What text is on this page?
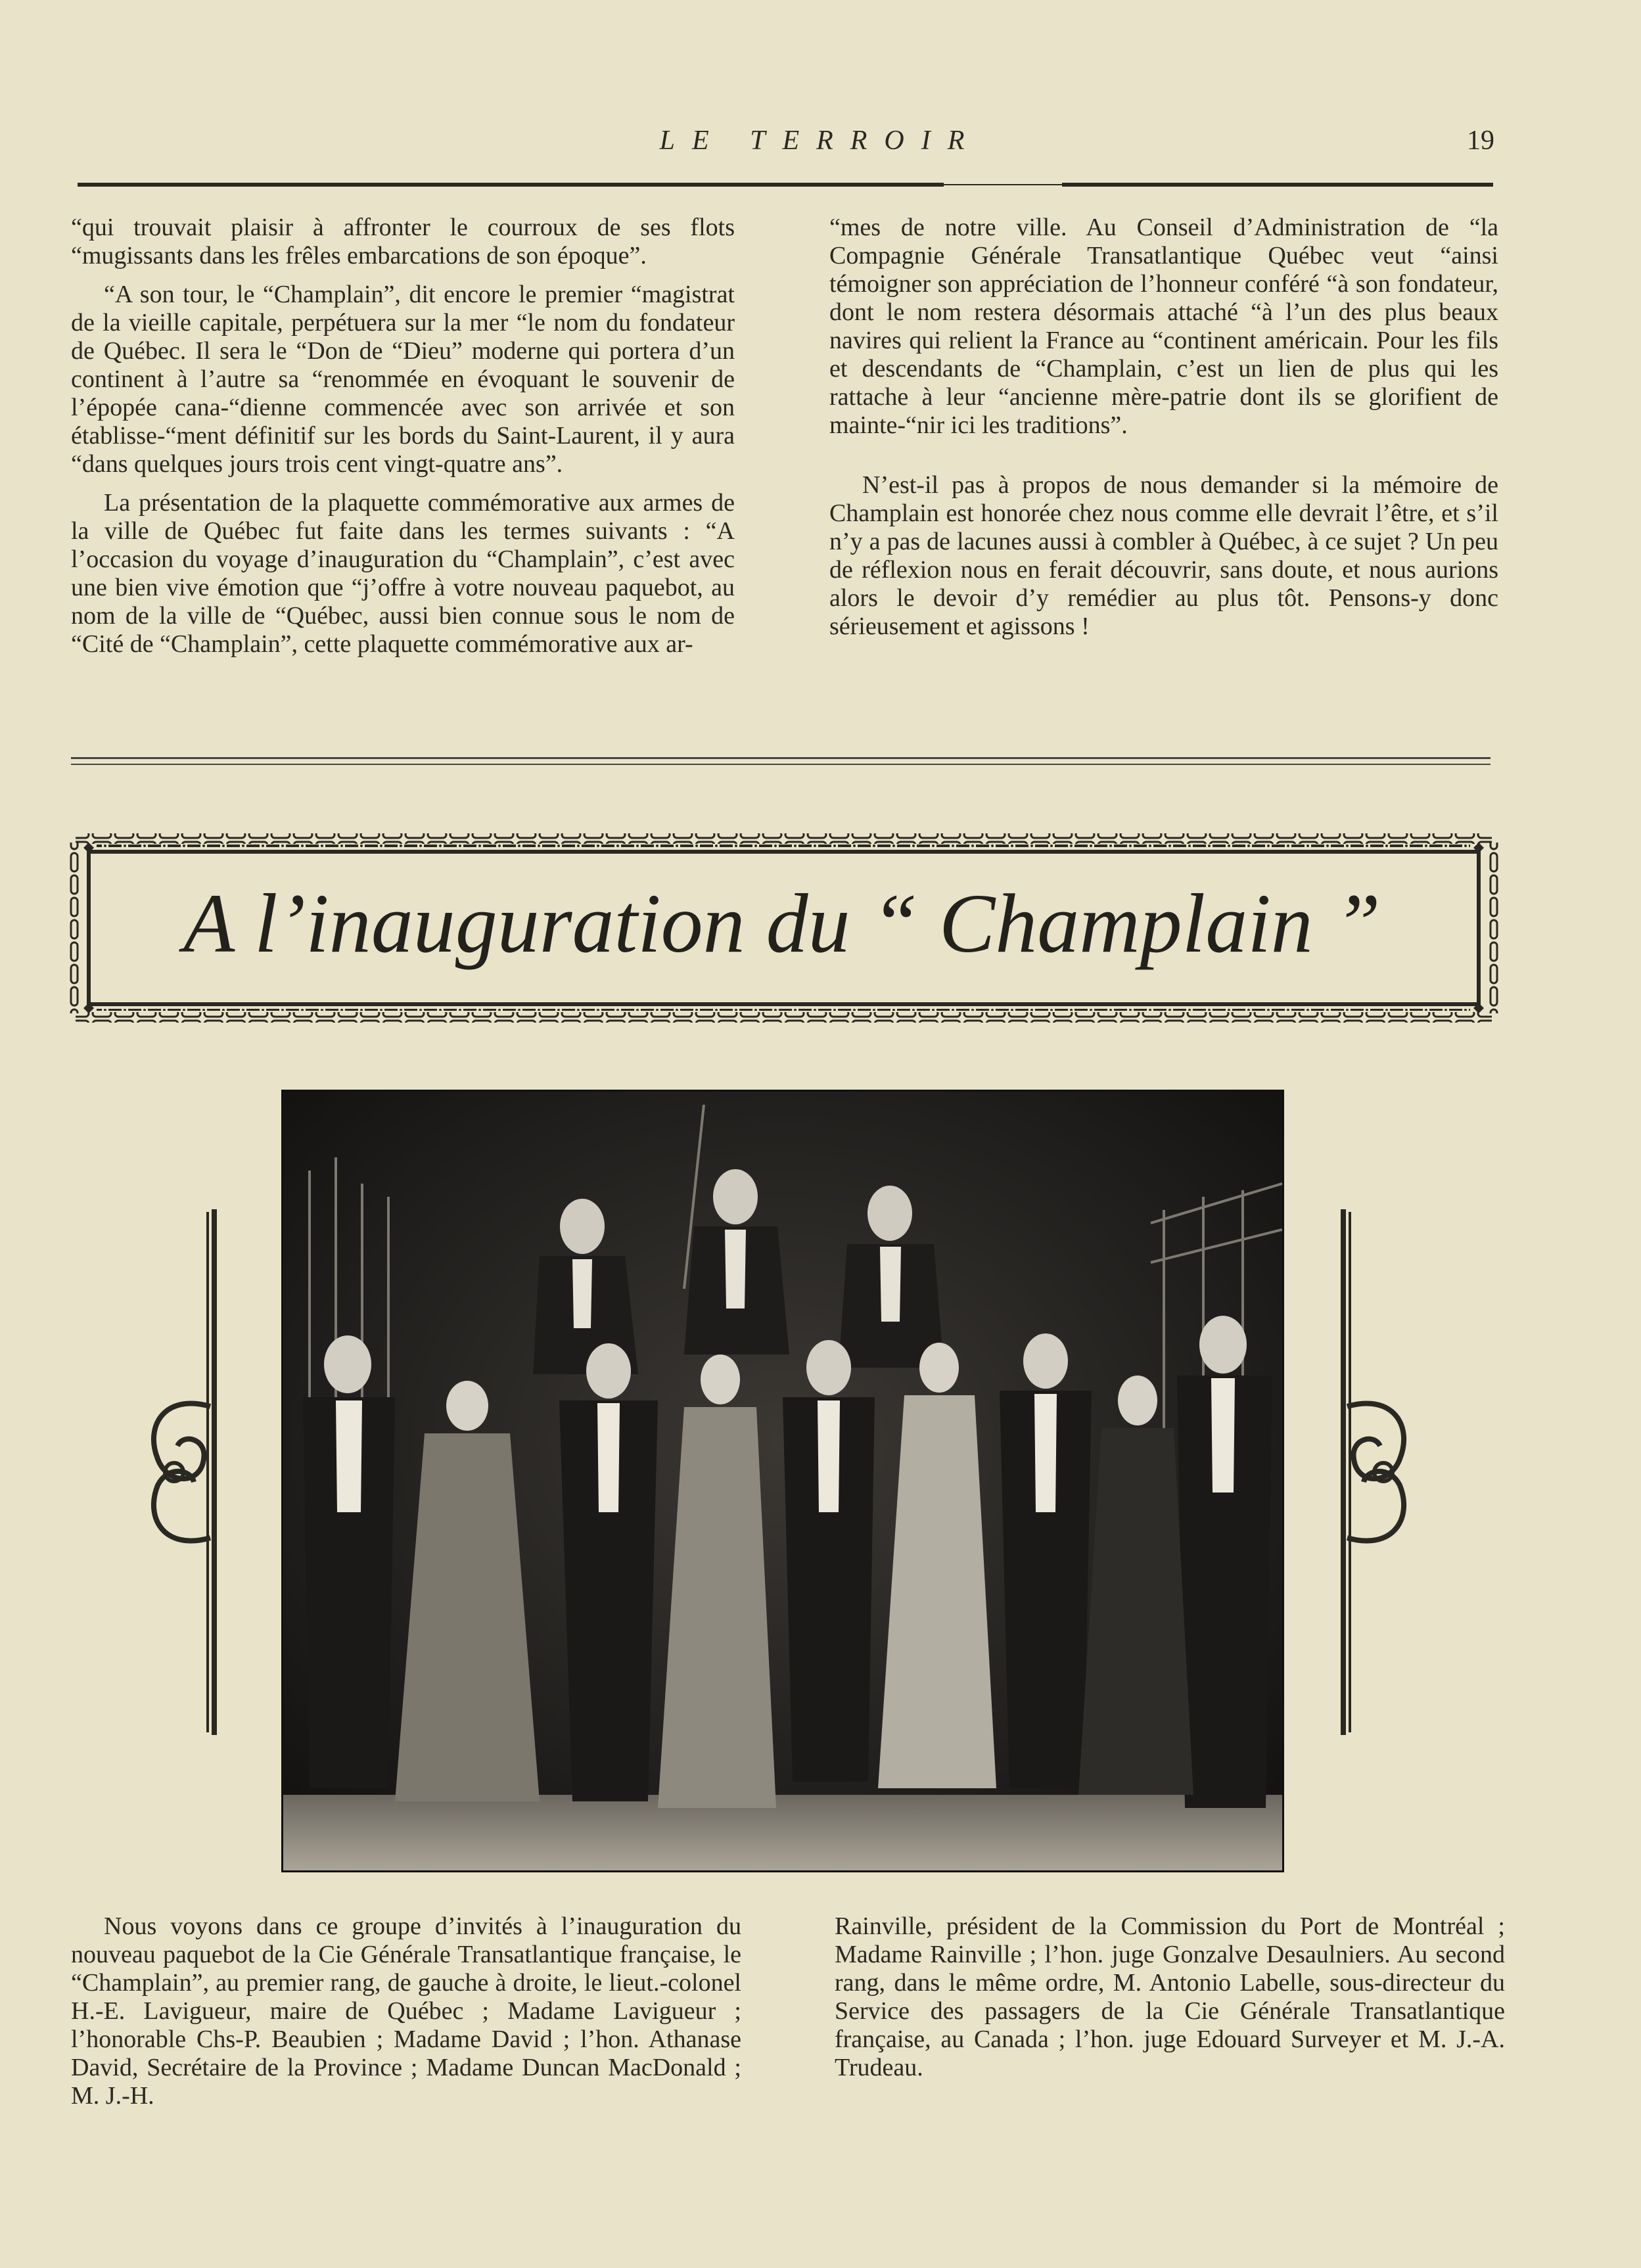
LE TERROIR	19

“qui trouvait plaisir à affronter le courroux de ses flots “mugissants dans les frêles embarcations de son époque”.

“A son tour, le “Champlain”, dit encore le premier “magistrat de la vieille capitale, perpétuera sur la mer “le nom du fondateur de Québec. Il sera le “Don de “Dieu” moderne qui portera d’un continent à l’autre sa “renommée en évoquant le souvenir de l’épopée cana-“dienne commencée avec son arrivée et son établisse-“ment définitif sur les bords du Saint-Laurent, il y aura “dans quelques jours trois cent vingt-quatre ans”.

La présentation de la plaquette commémorative aux armes de la ville de Québec fut faite dans les termes suivants : “A l’occasion du voyage d’inauguration du “Champlain”, c’est avec une bien vive émotion que “j’offre à votre nouveau paquebot, au nom de la ville de “Québec, aussi bien connue sous le nom de “Cité de “Champlain”, cette plaquette commémorative aux ar-

“mes de notre ville. Au Conseil d’Administration de “la Compagnie Générale Transatlantique Québec veut “ainsi témoigner son appréciation de l’honneur conféré “à son fondateur, dont le nom restera désormais attaché “à l’un des plus beaux navires qui relient la France au “continent américain. Pour les fils et descendants de “Champlain, c’est un lien de plus qui les rattache à leur “ancienne mère-patrie dont ils se glorifient de mainte-“nir ici les traditions”.

N’est-il pas à propos de nous demander si la mémoire de Champlain est honorée chez nous comme elle devrait l’être, et s’il n’y a pas de lacunes aussi à combler à Québec, à ce sujet ? Un peu de réflexion nous en ferait découvrir, sans doute, et nous aurions alors le devoir d’y remédier au plus tôt. Pensons-y donc sérieusement et agissons !

A l’inauguration du “ Champlain ”

Nous voyons dans ce groupe d’invités à l’inauguration du nouveau paquebot de la Cie Générale Transatlantique française, le “Champlain”, au premier rang, de gauche à droite, le lieut.-colonel H.-E. Lavigueur, maire de Québec ; Madame Lavigueur ; l’honorable Chs-P. Beaubien ; Madame David ; l’hon. Athanase David, Secrétaire de la Province ; Madame Duncan MacDonald ; M. J.-H.

Rainville, président de la Commission du Port de Montréal ; Madame Rainville ; l’hon. juge Gonzalve Desaulniers. Au second rang, dans le même ordre, M. Antonio Labelle, sous-directeur du Service des passagers de la Cie Générale Transatlantique française, au Canada ; l’hon. juge Edouard Surveyer et M. J.-A. Trudeau.
